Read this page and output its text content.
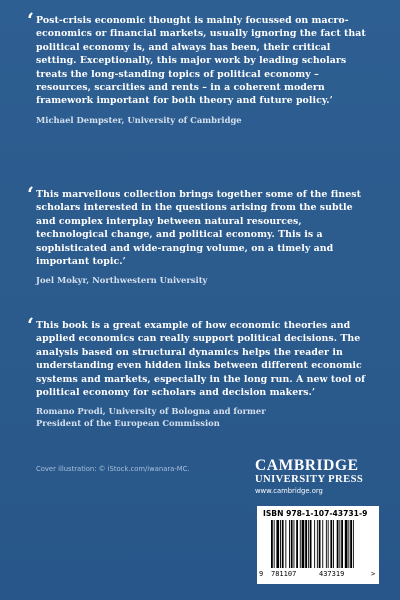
‘ Post-crisis economic thought is mainly focussed on macro-economics or financial markets, usually ignoring the fact that political economy is, and always has been, their critical setting. Exceptionally, this major work by leading scholars treats the long-standing topics of political economy – resources, scarcities and rents – in a coherent modern framework important for both theory and future policy.’

Michael Dempster, University of Cambridge

‘ This marvellous collection brings together some of the finest scholars interested in the questions arising from the subtle and complex interplay between natural resources, technological change, and political economy. This is a sophisticated and wide-ranging volume, on a timely and important topic.’

Joel Mokyr, Northwestern University

‘ This book is a great example of how economic theories and applied economics can really support political decisions. The analysis based on structural dynamics helps the reader in understanding even hidden links between different economic systems and markets, especially in the long run. A new tool of political economy for scholars and decision makers.’

Romano Prodi, University of Bologna and former
President of the European Commission

Cover illustration: © iStock.com/iwanara-MC.	CAMBRIDGE
UNIVERSITY PRESS
www.cambridge.org
ISBN 978-1-107-43731-9
9 781107	437319	>
